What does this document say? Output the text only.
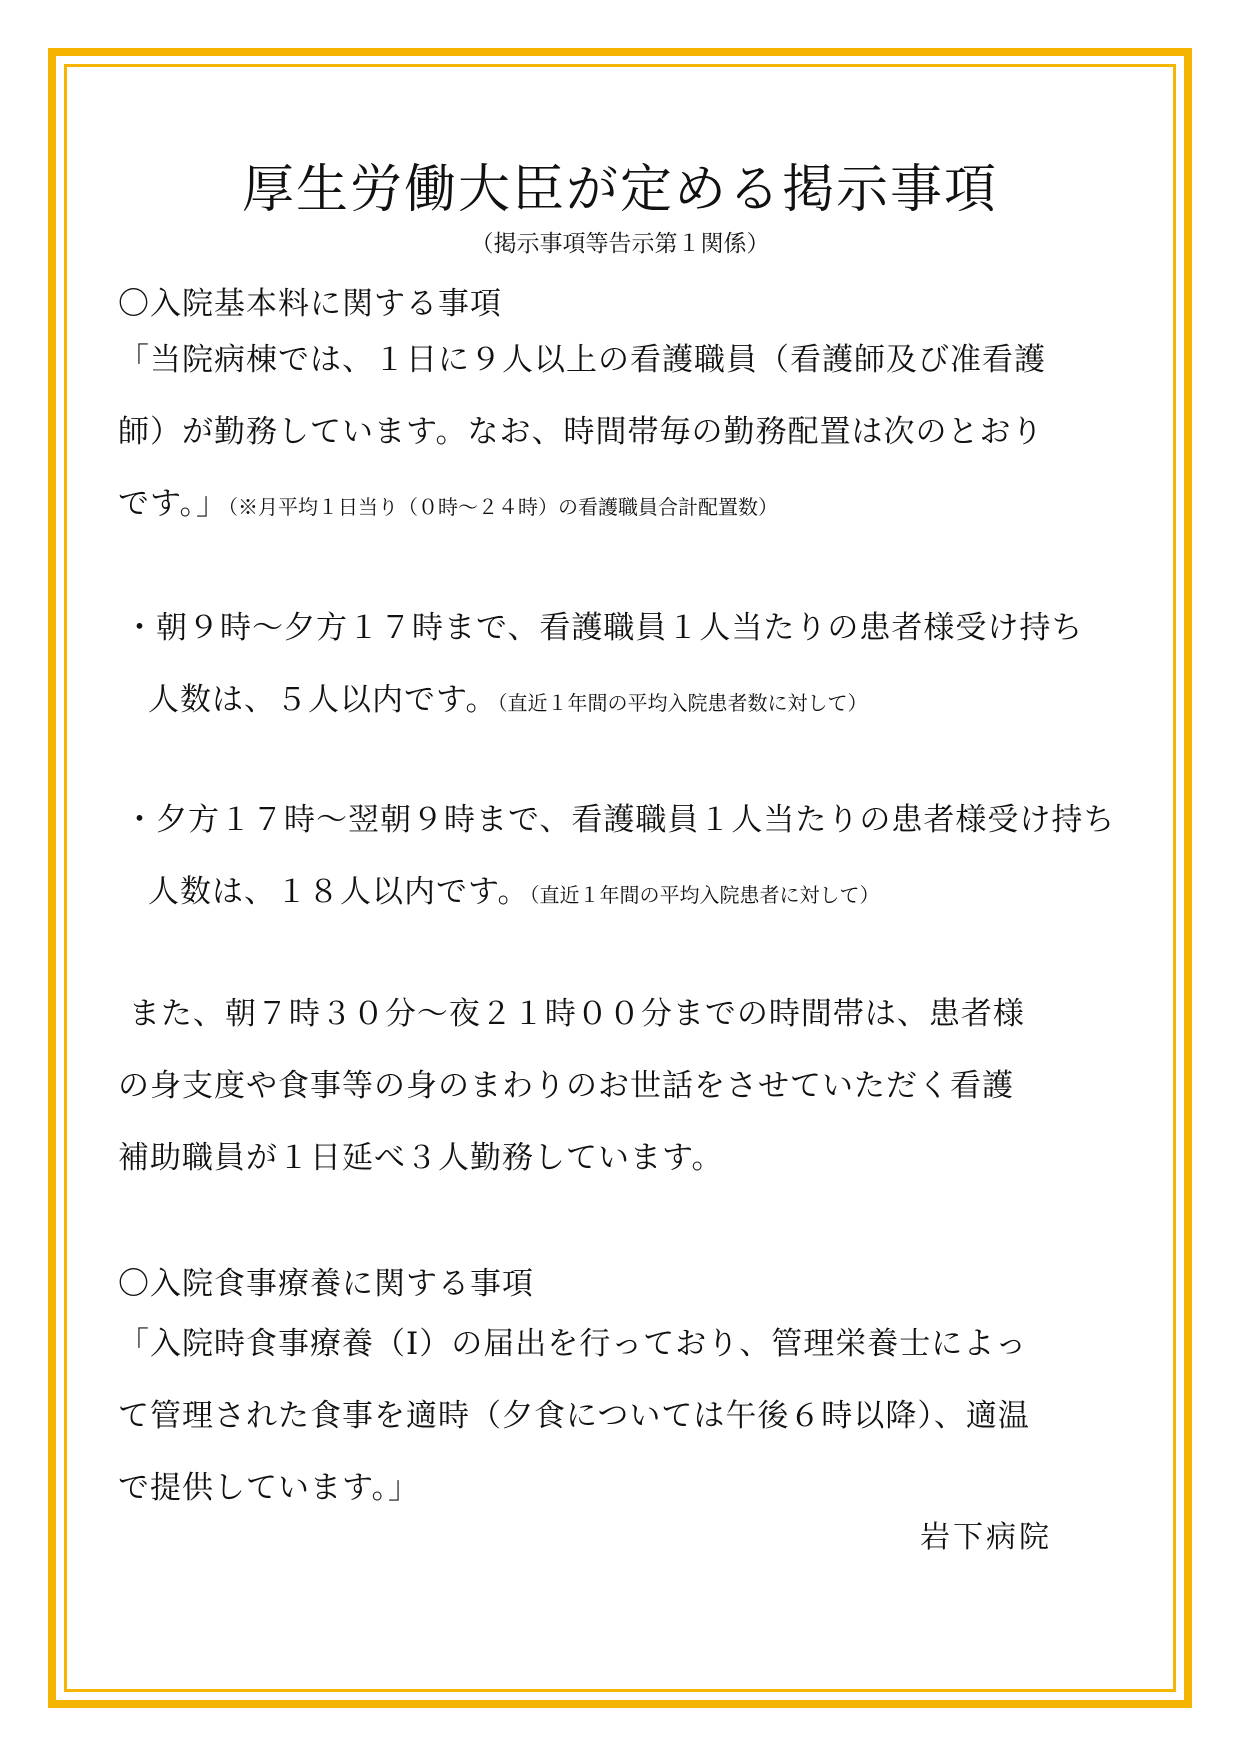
厚生労働大臣が定める掲示事項
（掲示事項等告示第１関係）
〇入院基本料に関する事項
「当院病棟では、１日に９人以上の看護職員（看護師及び准看護
師）が勤務しています。なお、時間帯毎の勤務配置は次のとおり
です。」（※月平均１日当り（０時～２４時）の看護職員合計配置数）
・朝９時～夕方１７時まで、看護職員１人当たりの患者様受け持ち
人数は、５人以内です。（直近１年間の平均入院患者数に対して）
・夕方１７時～翌朝９時まで、看護職員１人当たりの患者様受け持ち
人数は、１８人以内です。（直近１年間の平均入院患者に対して）
また、朝７時３０分～夜２１時００分までの時間帯は、患者様
の身支度や食事等の身のまわりのお世話をさせていただく看護
補助職員が１日延べ３人勤務しています。
〇入院食事療養に関する事項
「入院時食事療養（Ⅰ）の届出を行っており、管理栄養士によっ
て管理された食事を適時（夕食については午後６時以降）、適温
で提供しています。」
岩下病院
